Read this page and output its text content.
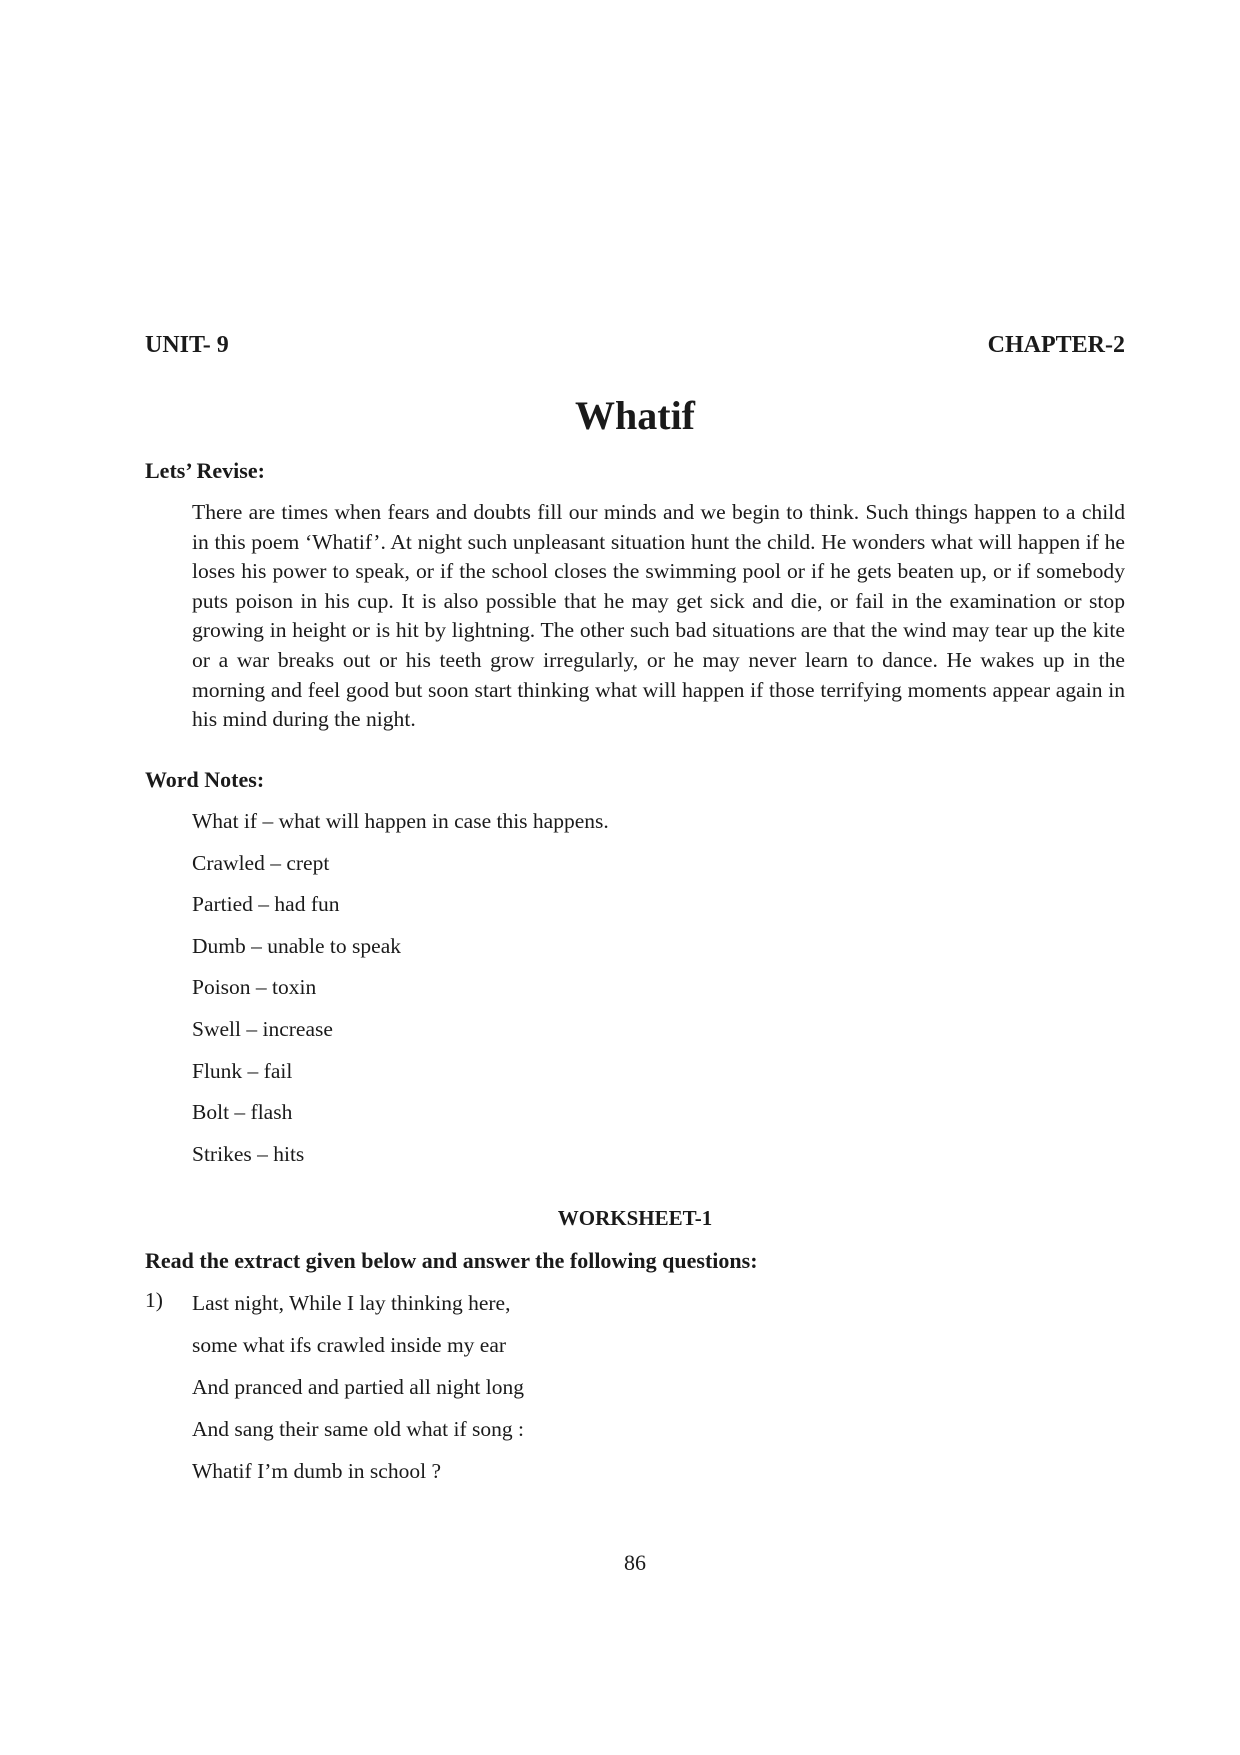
UNIT- 9	CHAPTER-2
Whatif
Lets’ Revise:

There are times when fears and doubts fill our minds and we begin to think. Such things happen to a child in this poem ‘Whatif’. At night such unpleasant situation hunt the child. He wonders what will happen if he loses his power to speak, or if the school closes the swimming pool or if he gets beaten up, or if somebody puts poison in his cup. It is also possible that he may get sick and die, or fail in the examination or stop growing in height or is hit by lightning. The other such bad situations are that the wind may tear up the kite or a war breaks out or his teeth grow irregularly, or he may never learn to dance. He wakes up in the morning and feel good but soon start thinking what will happen if those terrifying moments appear again in his mind during the night.

Word Notes:
What if – what will happen in case this happens.
Crawled – crept
Partied – had fun
Dumb – unable to speak
Poison – toxin
Swell – increase
Flunk – fail
Bolt – flash
Strikes – hits
WORKSHEET-1
Read the extract given below and answer the following questions:
1) Last night, While I lay thinking here,
some what ifs crawled inside my ear
And pranced and partied all night long
And sang their same old what if song :
Whatif I’m dumb in school ?
86
